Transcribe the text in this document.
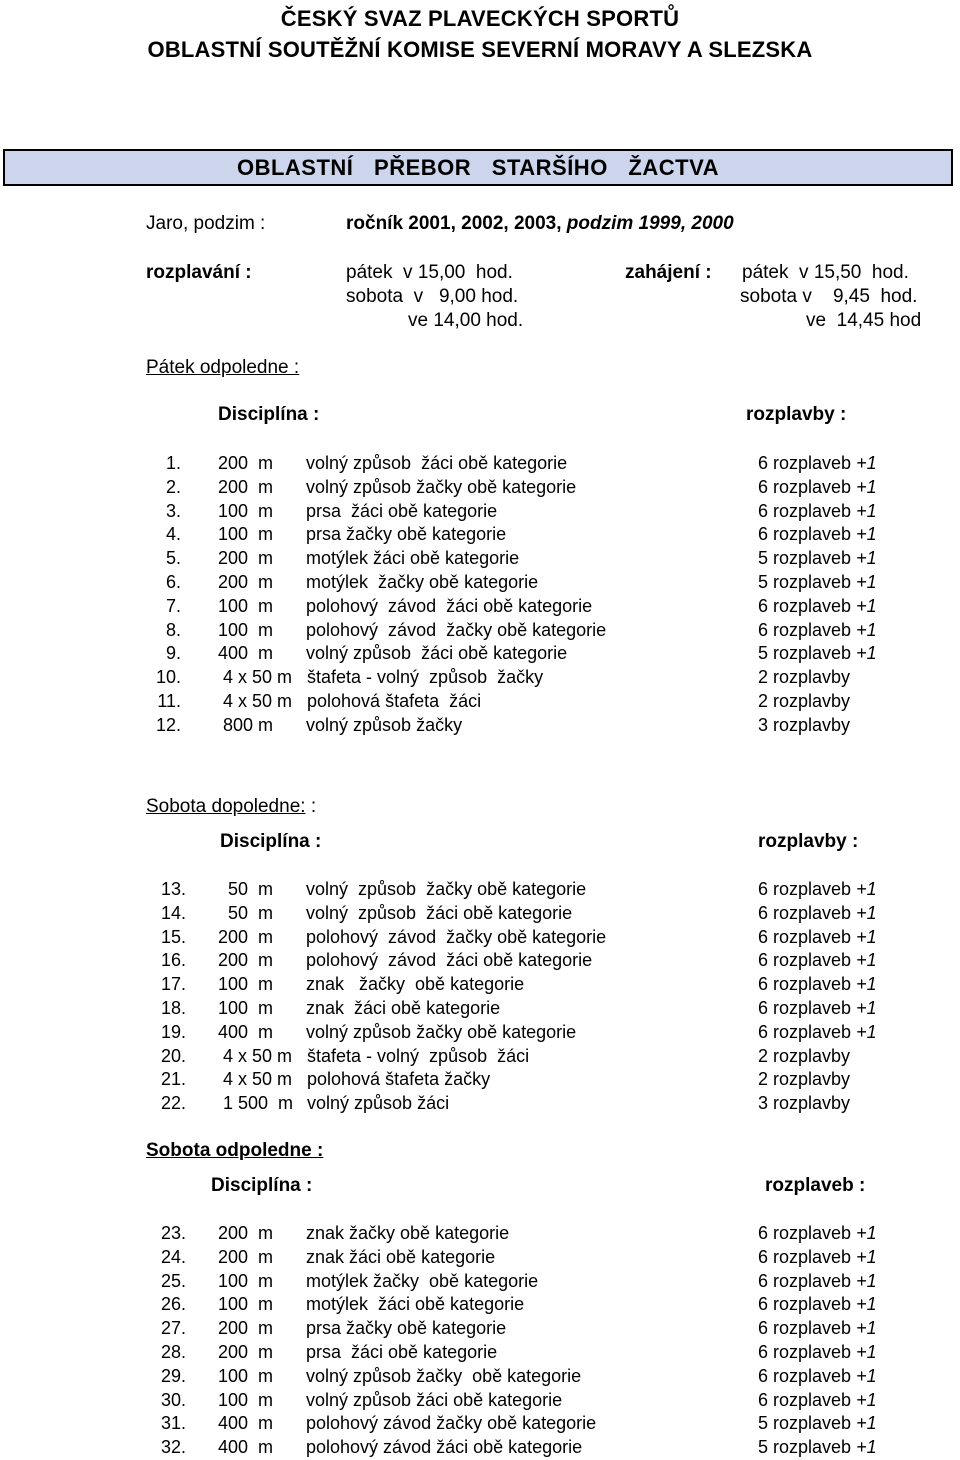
ČESKÝ SVAZ PLAVECKÝCH SPORTŮ
OBLASTNÍ SOUTĚŽNÍ KOMISE SEVERNÍ MORAVY A SLEZSKA
OBLASTNÍ PŘEBOR STARŠÍHO ŽACTVA
Jaro, podzim :	ročník 2001, 2002, 2003, podzim 1999, 2000
rozplavání :	pátek  v 15,00  hod.
sobota  v   9,00 hod.
ve 14,00 hod.
zahájení : pátek  v 15,50  hod.
sobota v    9,45  hod.
ve  14,45 hod
Pátek odpoledne :
Disciplína :	rozplavby :
1. 200  m volný způsob  žáci obě kategorie	6 rozplaveb +1
2. 200  m volný způsob žačky obě kategorie	6 rozplaveb +1
3. 100  m prsa  žáci obě kategorie	6 rozplaveb +1
4. 100  m prsa žačky obě kategorie	6 rozplaveb +1
5. 200  m motýlek žáci obě kategorie	5 rozplaveb +1
6. 200  m motýlek  žačky obě kategorie	5 rozplaveb +1
7. 100  m polohový  závod  žáci obě kategorie	6 rozplaveb +1
8. 100  m polohový  závod  žačky obě kategorie	6 rozplaveb +1
9. 400  m volný způsob  žáci obě kategorie	5 rozplaveb +1
10. 4 x 50 m štafeta - volný  způsob  žačky	2 rozplavby
11. 4 x 50 m polohová štafeta  žáci	2 rozplavby
12. 800 m volný způsob žačky	3 rozplavby
Sobota dopoledne: :
Disciplína :	rozplavby :
13. 50  m volný  způsob  žačky obě kategorie	6 rozplaveb +1
14. 50  m volný  způsob  žáci obě kategorie	6 rozplaveb +1
15. 200  m polohový  závod  žačky obě kategorie	6 rozplaveb +1
16. 200  m polohový  závod  žáci obě kategorie	6 rozplaveb +1
17. 100  m znak   žačky  obě kategorie	6 rozplaveb +1
18. 100  m znak  žáci obě kategorie	6 rozplaveb +1
19. 400  m volný způsob žačky obě kategorie	6 rozplaveb +1
20. 4 x 50 m štafeta - volný  způsob  žáci	2 rozplavby
21. 4 x 50 m polohová štafeta žačky	2 rozplavby
22. 1 500  m volný způsob žáci	3 rozplavby
Sobota odpoledne :
Disciplína :	rozplaveb :
23. 200  m znak žačky obě kategorie	6 rozplaveb +1
24. 200  m znak žáci obě kategorie	6 rozplaveb +1
25. 100  m motýlek žačky  obě kategorie	6 rozplaveb +1
26. 100  m motýlek  žáci obě kategorie	6 rozplaveb +1
27. 200  m prsa žačky obě kategorie	6 rozplaveb +1
28. 200  m prsa  žáci obě kategorie	6 rozplaveb +1
29. 100  m volný způsob žačky  obě kategorie	6 rozplaveb +1
30. 100  m volný způsob žáci obě kategorie	6 rozplaveb +1
31. 400  m polohový závod žačky obě kategorie	5 rozplaveb +1
32. 400  m polohový závod žáci obě kategorie	5 rozplaveb +1
